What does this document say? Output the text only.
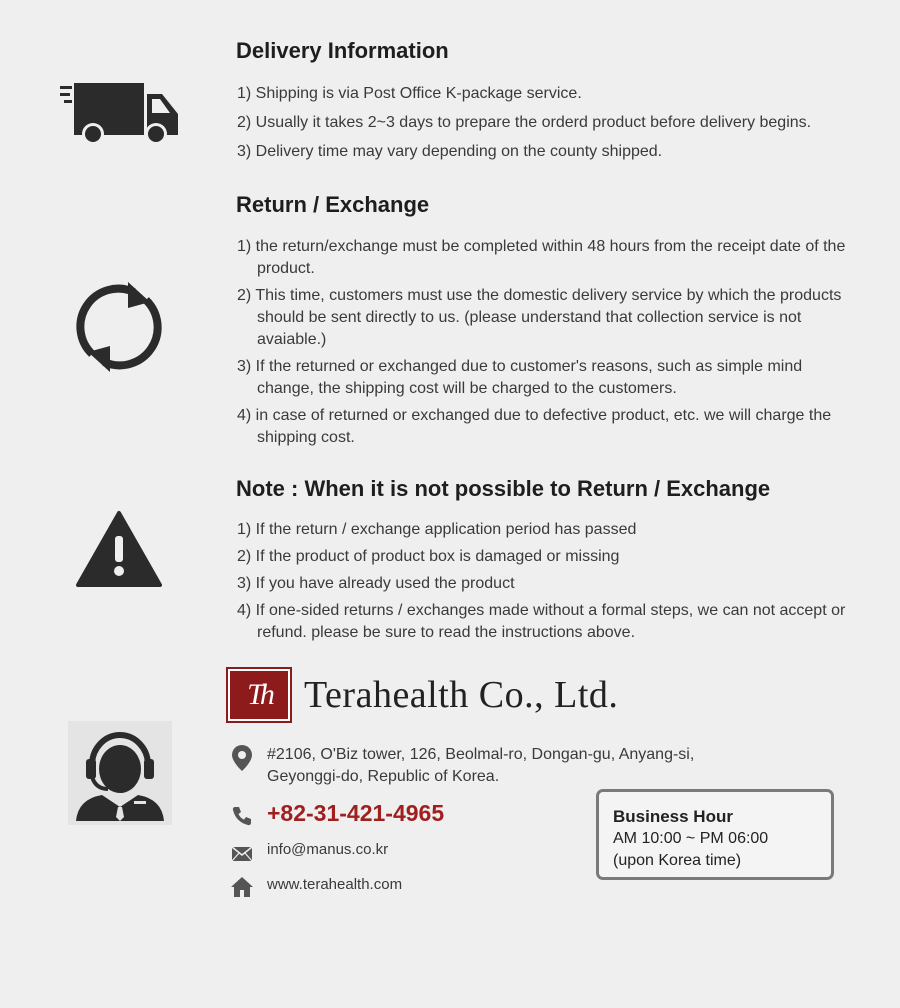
Delivery Information
1) Shipping is via Post Office K-package service.
2) Usually it takes 2~3 days to prepare the orderd product before delivery begins.
3) Delivery time may vary depending on the county shipped.
Return / Exchange
1) the return/exchange must be completed within 48 hours from the receipt date of the product.
2) This time, customers must use the domestic delivery service by which the products should be sent directly to us. (please understand that collection service is not avaiable.)
3) If the returned or exchanged due to customer's reasons, such as simple mind change, the shipping cost will be charged to the customers.
4) in case of returned or exchanged due to defective product, etc. we will charge the shipping cost.
Note : When it is not possible to Return / Exchange
1) If the return / exchange application period has passed
2) If the product of product box is damaged or missing
3) If you have already used the product
4) If one-sided returns / exchanges made without a formal steps, we can not accept or refund. please be sure to read the instructions above.
Th Terahealth Co., Ltd.
#2106, O'Biz tower, 126, Beolmal-ro, Dongan-gu, Anyang-si,
Geyonggi-do, Republic of Korea.
+82-31-421-4965
info@manus.co.kr
www.terahealth.com
Business Hour
AM 10:00 ~ PM 06:00
(upon Korea time)
